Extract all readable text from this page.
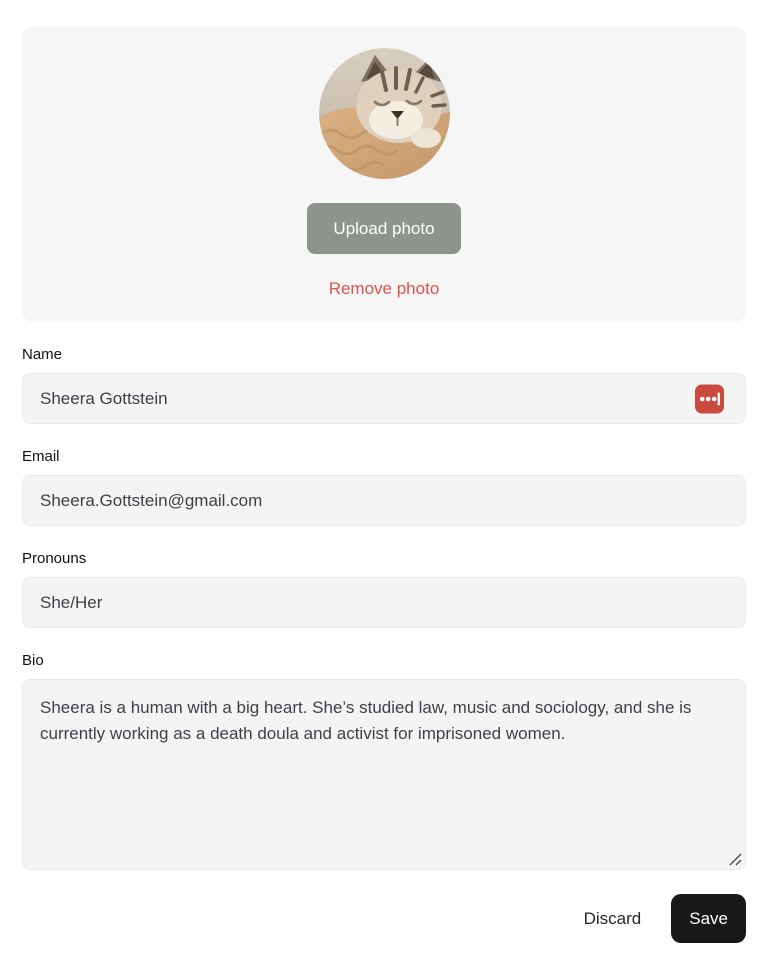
Upload photo
Remove photo
Name
Sheera Gottstein
Email
Sheera.Gottstein@gmail.com
Pronouns
She/Her
Bio
Sheera is a human with a big heart. She’s studied law, music and sociology, and she is currently working as a death doula and activist for imprisoned women.
Discard	Save
